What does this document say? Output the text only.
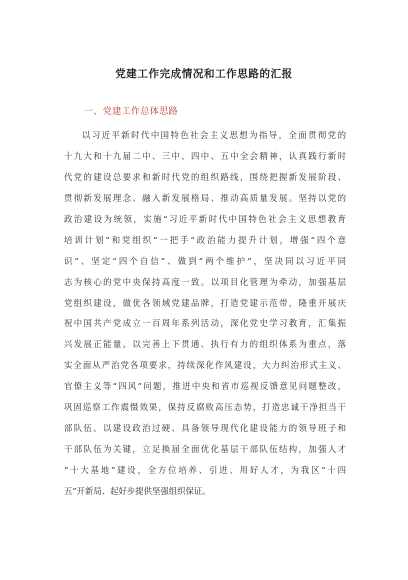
党建工作完成情况和工作思路的汇报
一、党建工作总体思路
以习近平新时代中国特色社会主义思想为指导，全面贯彻党的
十九大和十九届二中、三中、四中、五中全会精神，认真践行新时
代党的建设总要求和新时代党的组织路线，围绕把握新发展阶段、
贯彻新发展理念、融入新发展格局、推动高质量发展。坚持以党的
政治建设为统领，实施“习近平新时代中国特色社会主义思想教育
培训计划”和党组织“一把手”政治能力提升计划，增强“四个意
识”、坚定“四个自信”、做到“两个维护”，坚决同以习近平同
志为核心的党中央保持高度一致。以项目化管理为牵动，加强基层
党组织建设，做优各领域党建品牌，打造党建示范带，隆重开展庆
祝中国共产党成立一百周年系列活动，深化党史学习教育，汇集振
兴发展正能量。以完善上下贯通、执行有力的组织体系为重点，落
实全面从严治党各项要求，持续深化作风建设，大力纠治形式主义、
官僚主义等“四风”问题，推进中央和省市巡视反馈意见问题整改，
巩固巡察工作震慑效果，保持反腐败高压态势，打造忠诚干净担当干
部队伍。以建设政治过硬、具备领导现代化建设能力的领导班子和
干部队伍为关键，立足换届全面优化基层干部队伍结构，加强人才
“十大基地”建设，全方位培养、引进、用好人才，为我区“十四
五”开新局、起好步提供坚强组织保证。
